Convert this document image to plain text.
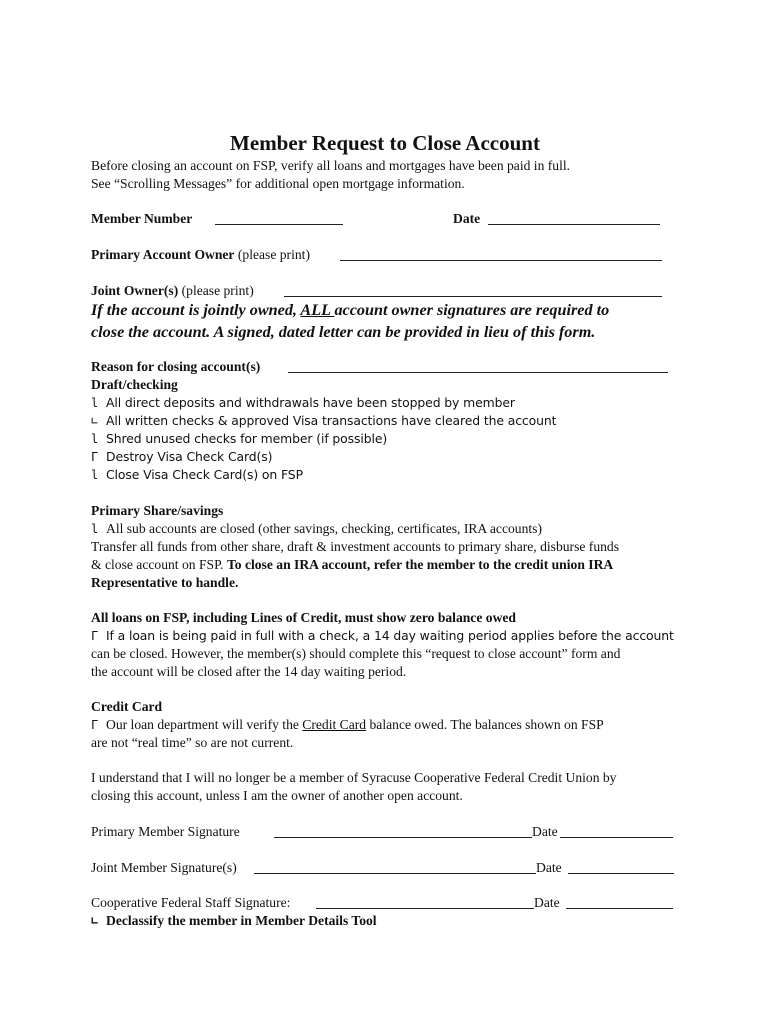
Member Request to Close Account
Before closing an account on FSP, verify all loans and mortgages have been paid in full.
See “Scrolling Messages” for additional open mortgage information.
Member Number	Date
Primary Account Owner (please print)
Joint Owner(s) (please print)
If the account is jointly owned, ALL account owner signatures are required to
close the account. A signed, dated letter can be provided in lieu of this form.
Reason for closing account(s)
Draft/checking
l All direct deposits and withdrawals have been stopped by member
∟ All written checks & approved Visa transactions have cleared the account
l Shred unused checks for member (if possible)
Г Destroy Visa Check Card(s)
l Close Visa Check Card(s) on FSP
Primary Share/savings
l All sub accounts are closed (other savings, checking, certificates, IRA accounts)
Transfer all funds from other share, draft & investment accounts to primary share, disburse funds
& close account on FSP. To close an IRA account, refer the member to the credit union IRA
Representative to handle.
All loans on FSP, including Lines of Credit, must show zero balance owed
Г If a loan is being paid in full with a check, a 14 day waiting period applies before the account
can be closed. However, the member(s) should complete this “request to close account” form and
the account will be closed after the 14 day waiting period.
Credit Card
Г Our loan department will verify the Credit Card balance owed. The balances shown on FSP
are not “real time” so are not current.
I understand that I will no longer be a member of Syracuse Cooperative Federal Credit Union by
closing this account, unless I am the owner of another open account.
Primary Member Signature	Date
Joint Member Signature(s)	Date
Cooperative Federal Staff Signature:	Date
∟ Declassify the member in Member Details Tool
